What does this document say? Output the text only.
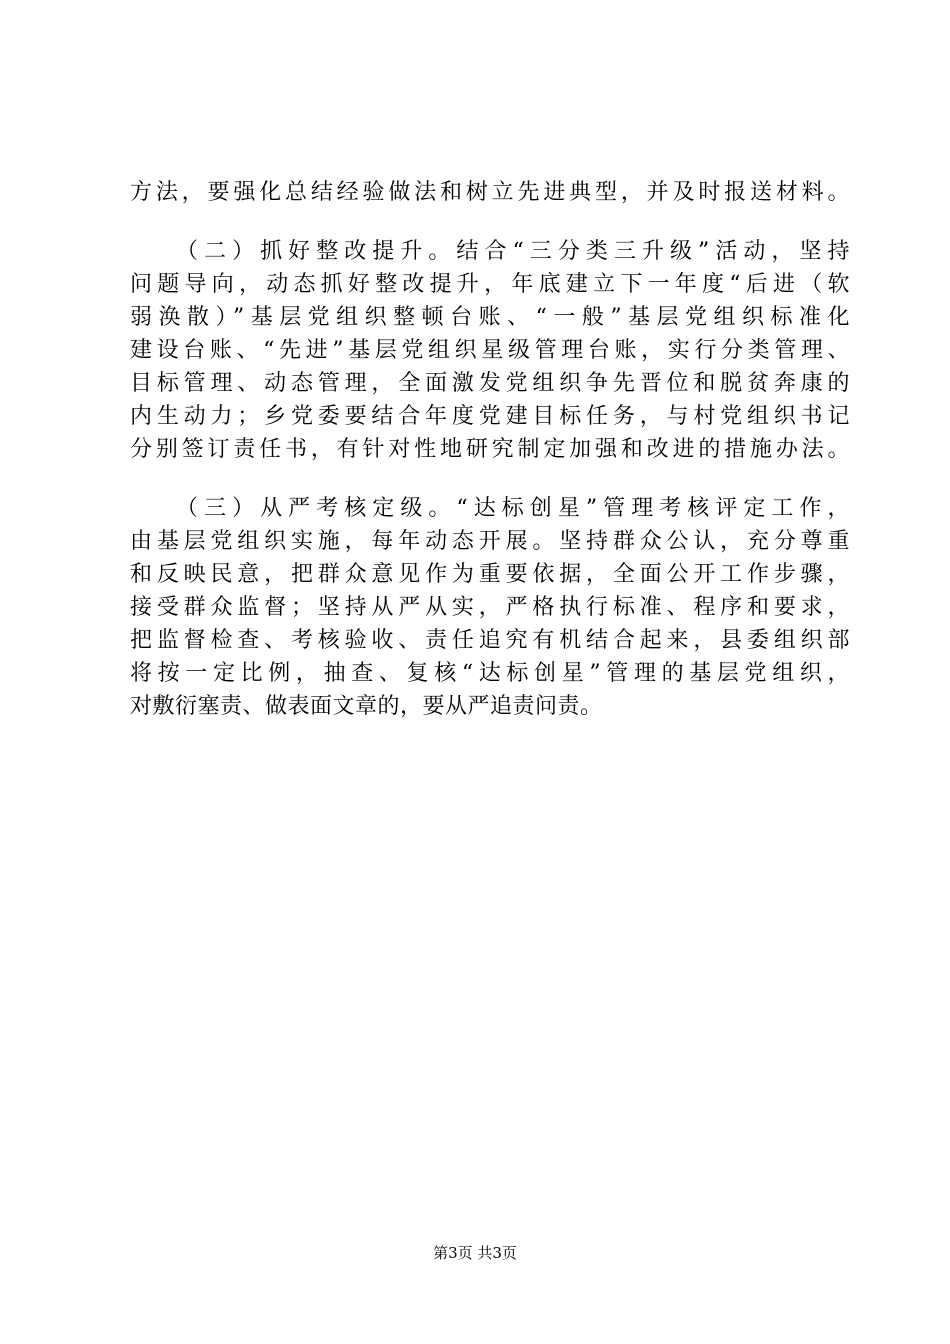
方法，要强化总结经验做法和树立先进典型，并及时报送材料。
（二）抓好整改提升。结合“三分类三升级”活动，坚持
问题导向，动态抓好整改提升，年底建立下一年度“后进（软
弱涣散）”基层党组织整顿台账、“一般”基层党组织标准化
建设台账、“先进”基层党组织星级管理台账，实行分类管理、
目标管理、动态管理，全面激发党组织争先晋位和脱贫奔康的
内生动力；乡党委要结合年度党建目标任务，与村党组织书记
分别签订责任书，有针对性地研究制定加强和改进的措施办法。
（三）从严考核定级。“达标创星”管理考核评定工作，
由基层党组织实施，每年动态开展。坚持群众公认，充分尊重
和反映民意，把群众意见作为重要依据，全面公开工作步骤，
接受群众监督；坚持从严从实，严格执行标准、程序和要求，
把监督检查、考核验收、责任追究有机结合起来，县委组织部
将按一定比例，抽查、复核“达标创星”管理的基层党组织，
对敷衍塞责、做表面文章的，要从严追责问责。
第3页 共3页
